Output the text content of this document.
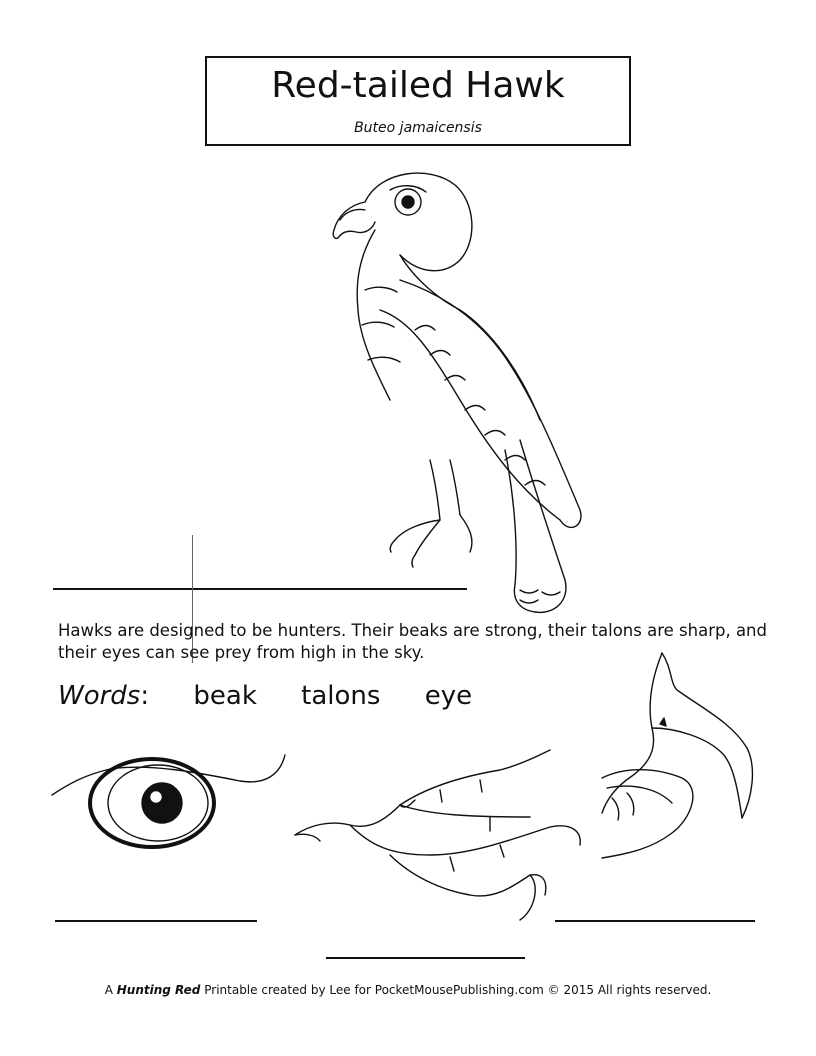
Red-tailed Hawk
Buteo jamaicensis
Hawks are designed to be hunters. Their beaks are strong, their talons are sharp, and their eyes can see prey from high in the sky.
Words: beak talons eye
A Hunting Red Printable created by Lee for PocketMousePublishing.com © 2015 All rights reserved.
